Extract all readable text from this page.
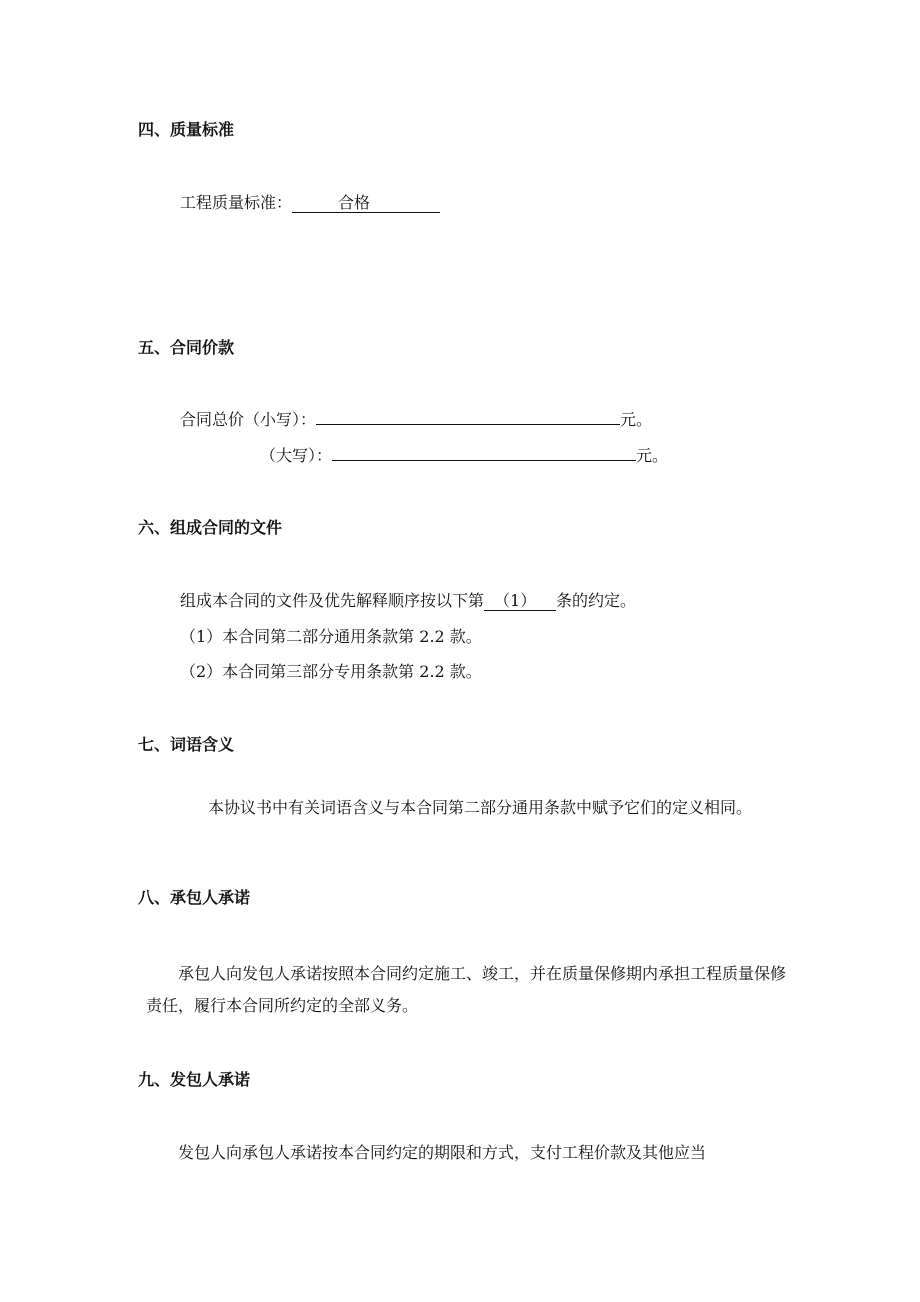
四、质量标准
工程质量标准：	合格
五、合同价款
合同总价（小写）：	元。
（大写）：	元。
六、组成合同的文件
组成本合同的文件及优先解释顺序按以下第 （1） 条的约定。
（1）本合同第二部分通用条款第 2.2 款。
（2）本合同第三部分专用条款第 2.2 款。
七、词语含义
本协议书中有关词语含义与本合同第二部分通用条款中赋予它们的定义相同。
八、承包人承诺
承包人向发包人承诺按照本合同约定施工、竣工，并在质量保修期内承担工程质量保修责任，履行本合同所约定的全部义务。
九、发包人承诺
发包人向承包人承诺按本合同约定的期限和方式，支付工程价款及其他应当
